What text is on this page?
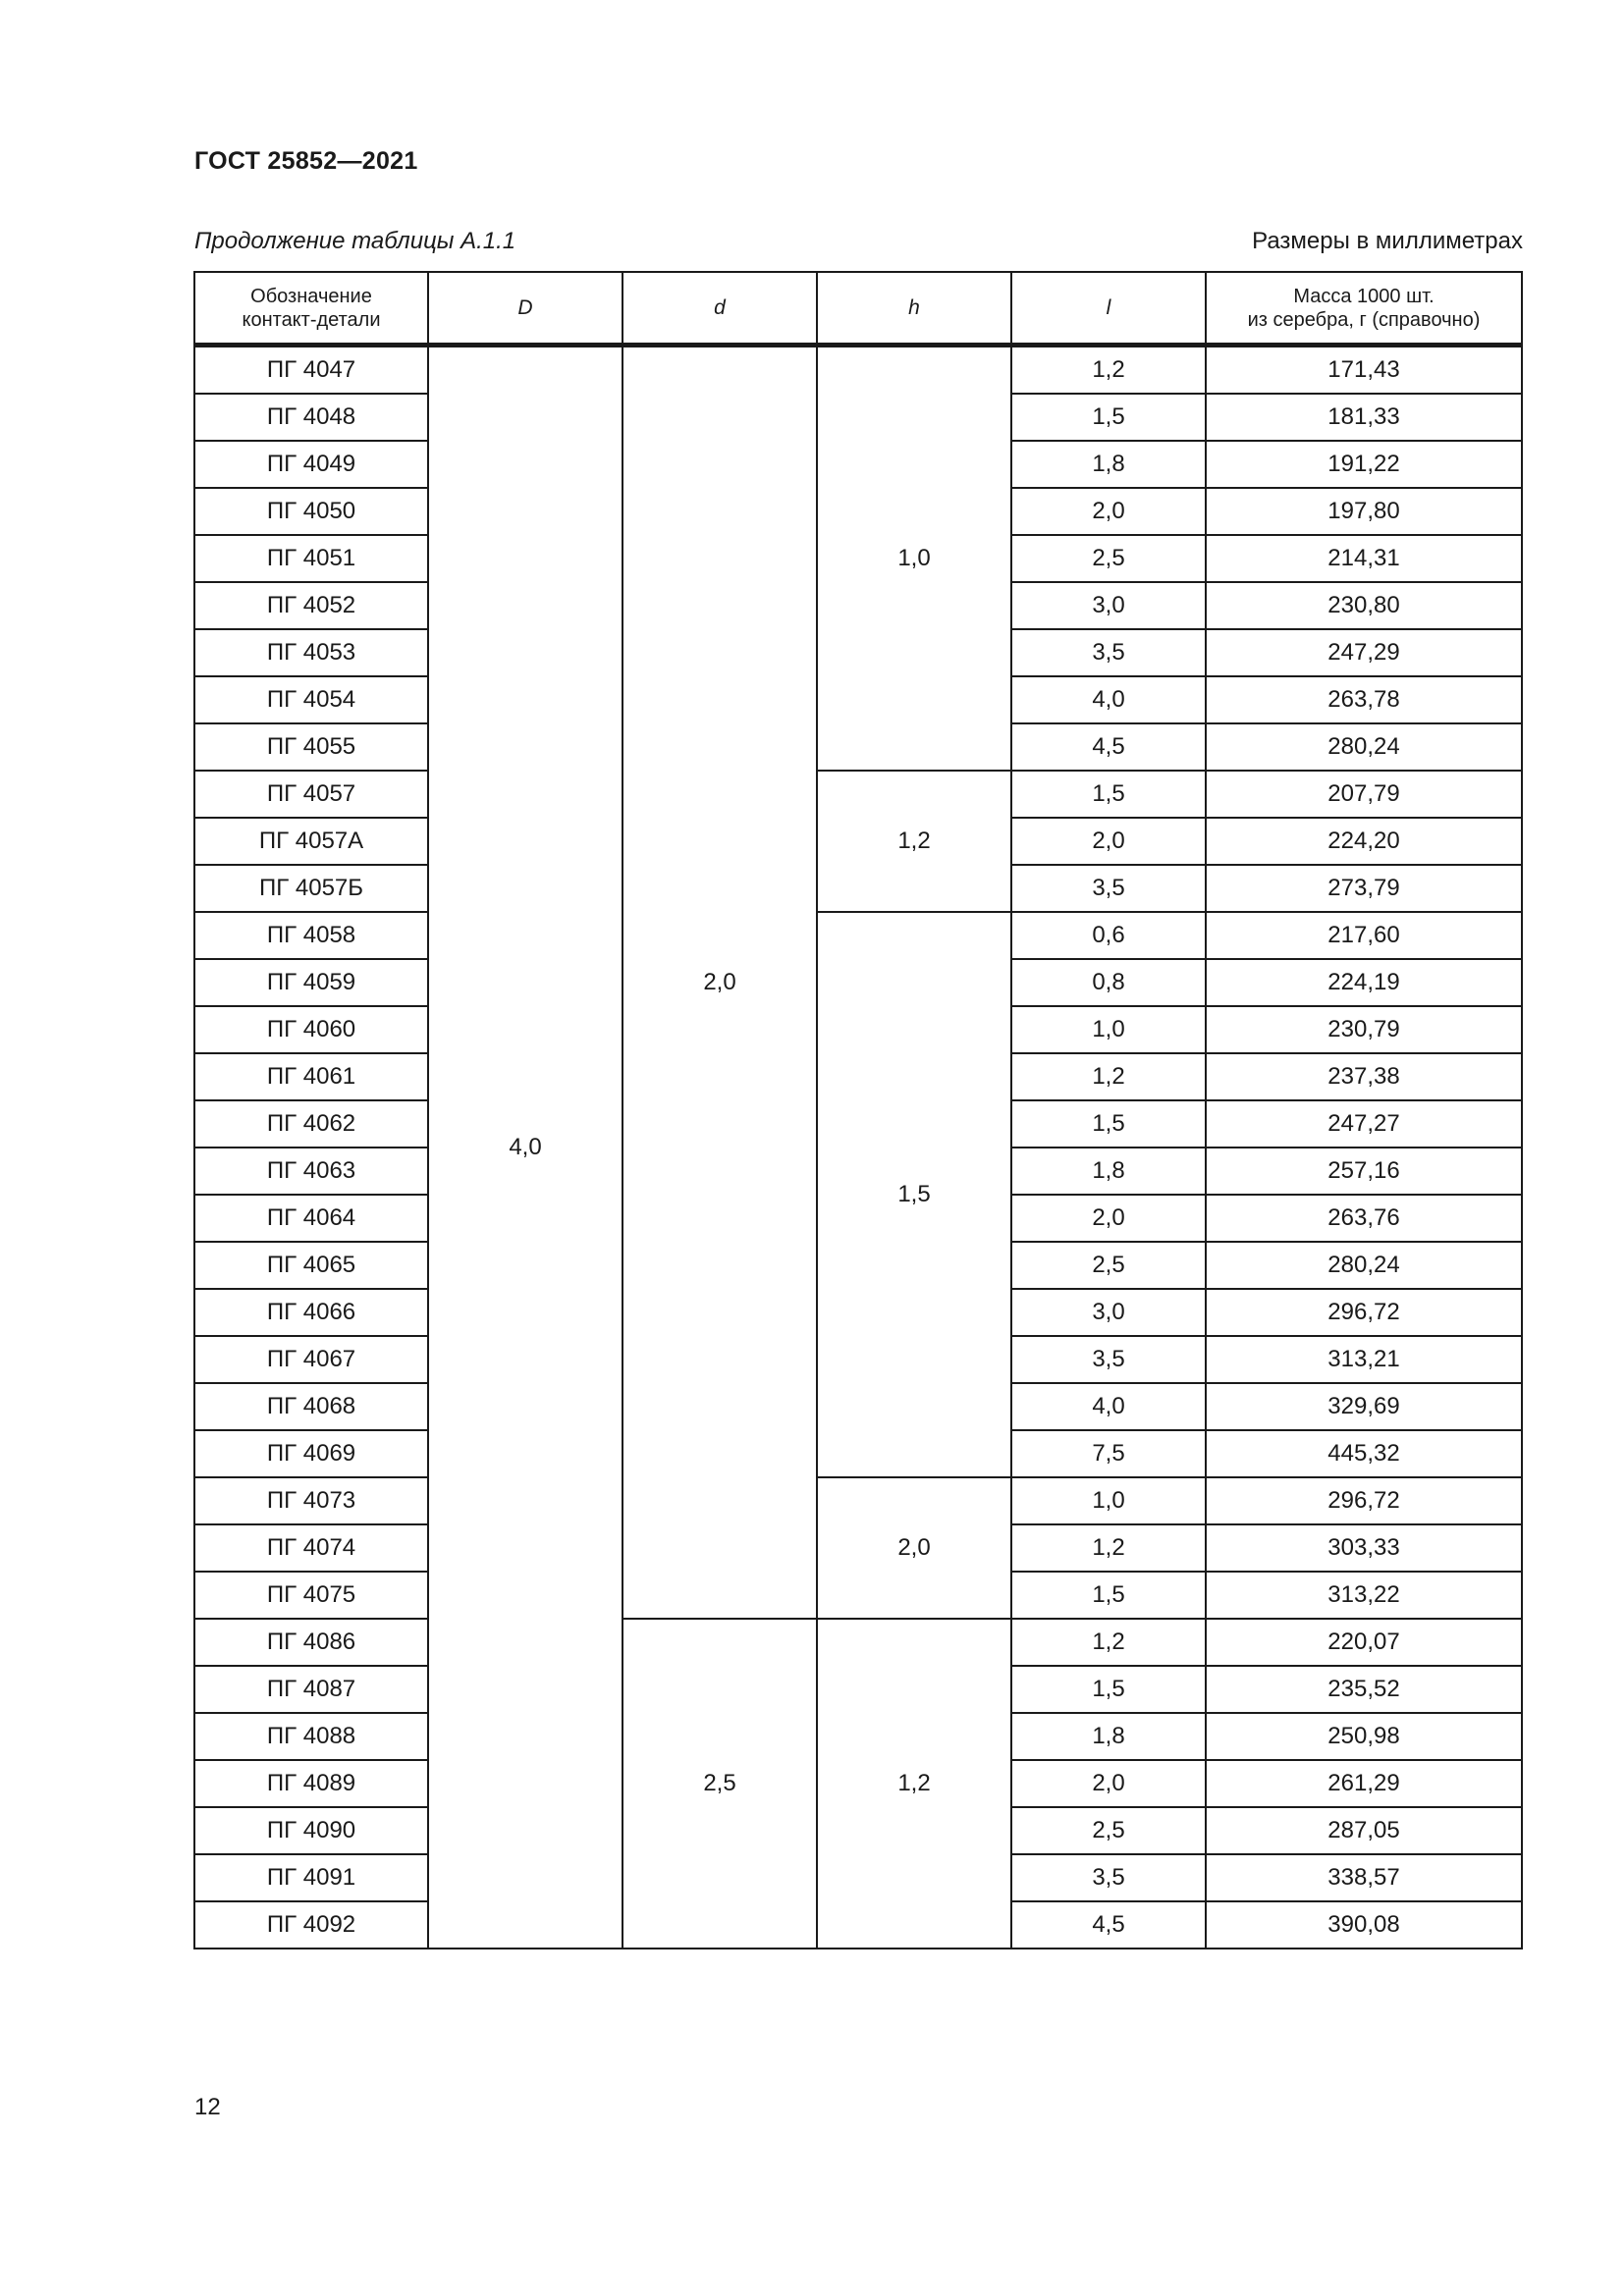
ГОСТ 25852—2021
Продолжение таблицы А.1.1	Размеры в миллиметрах
Обозначение
контакт-детали	D	d	h	l	Масса 1000 шт.
из серебра, г (справочно)
ПГ 4047	4,0	2,0	1,0	1,2	171,43
ПГ 4048				1,5	181,33
ПГ 4049				1,8	191,22
ПГ 4050				2,0	197,80
ПГ 4051				2,5	214,31
ПГ 4052				3,0	230,80
ПГ 4053				3,5	247,29
ПГ 4054				4,0	263,78
ПГ 4055				4,5	280,24
ПГ 4057			1,2	1,5	207,79
ПГ 4057А				2,0	224,20
ПГ 4057Б				3,5	273,79
ПГ 4058			1,5	0,6	217,60
ПГ 4059				0,8	224,19
ПГ 4060				1,0	230,79
ПГ 4061				1,2	237,38
ПГ 4062				1,5	247,27
ПГ 4063				1,8	257,16
ПГ 4064				2,0	263,76
ПГ 4065				2,5	280,24
ПГ 4066				3,0	296,72
ПГ 4067				3,5	313,21
ПГ 4068				4,0	329,69
ПГ 4069				7,5	445,32
ПГ 4073			2,0	1,0	296,72
ПГ 4074				1,2	303,33
ПГ 4075				1,5	313,22
ПГ 4086		2,5	1,2	1,2	220,07
ПГ 4087				1,5	235,52
ПГ 4088				1,8	250,98
ПГ 4089				2,0	261,29
ПГ 4090				2,5	287,05
ПГ 4091				3,5	338,57
ПГ 4092				4,5	390,08
12
